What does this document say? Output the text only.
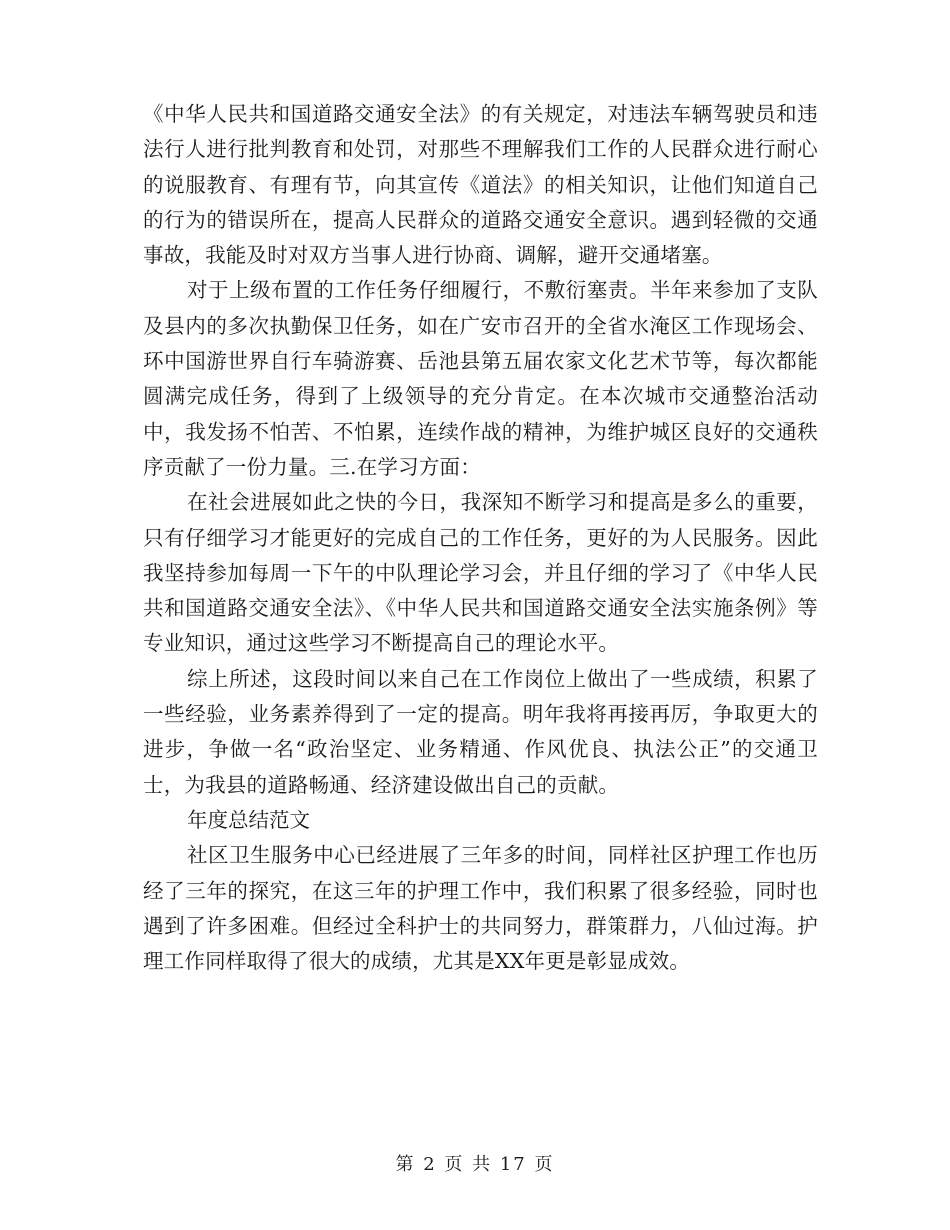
《中华人民共和国道路交通安全法》的有关规定，对违法车辆驾驶员和违法行人进行批判教育和处罚，对那些不理解我们工作的人民群众进行耐心的说服教育、有理有节，向其宣传《道法》的相关知识，让他们知道自己的行为的错误所在，提高人民群众的道路交通安全意识。遇到轻微的交通事故，我能及时对双方当事人进行协商、调解，避开交通堵塞。

对于上级布置的工作任务仔细履行，不敷衍塞责。半年来参加了支队及县内的多次执勤保卫任务，如在广安市召开的全省水淹区工作现场会、环中国游世界自行车骑游赛、岳池县第五届农家文化艺术节等，每次都能圆满完成任务，得到了上级领导的充分肯定。在本次城市交通整治活动中，我发扬不怕苦、不怕累，连续作战的精神，为维护城区良好的交通秩序贡献了一份力量。三.在学习方面：

在社会进展如此之快的今日，我深知不断学习和提高是多么的重要，只有仔细学习才能更好的完成自己的工作任务，更好的为人民服务。因此我坚持参加每周一下午的中队理论学习会，并且仔细的学习了《中华人民共和国道路交通安全法》、《中华人民共和国道路交通安全法实施条例》等专业知识，通过这些学习不断提高自己的理论水平。

综上所述，这段时间以来自己在工作岗位上做出了一些成绩，积累了一些经验，业务素养得到了一定的提高。明年我将再接再厉，争取更大的进步，争做一名“政治坚定、业务精通、作风优良、执法公正”的交通卫士，为我县的道路畅通、经济建设做出自己的贡献。

年度总结范文

社区卫生服务中心已经进展了三年多的时间，同样社区护理工作也历经了三年的探究，在这三年的护理工作中，我们积累了很多经验，同时也遇到了许多困难。但经过全科护士的共同努力，群策群力，八仙过海。护理工作同样取得了很大的成绩，尤其是XX年更是彰显成效。

第 2 页 共 17 页
